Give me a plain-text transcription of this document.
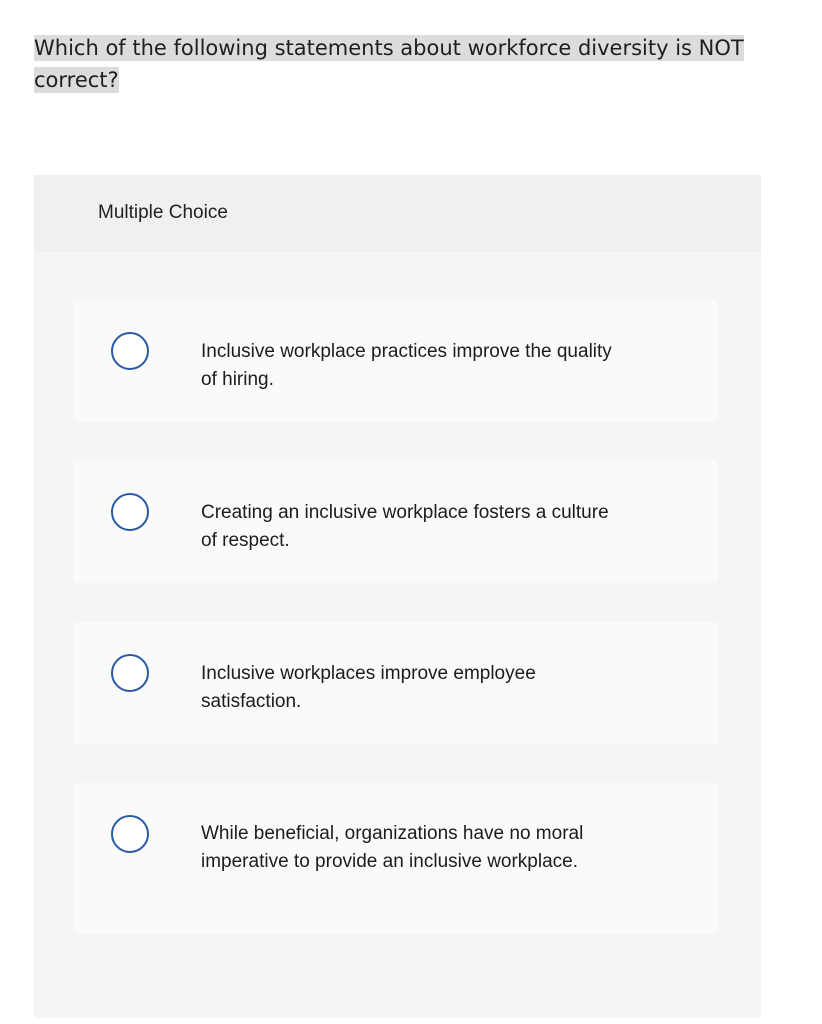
Which of the following statements about workforce diversity is NOT correct?
Multiple Choice
Inclusive workplace practices improve the quality of hiring.
Creating an inclusive workplace fosters a culture of respect.
Inclusive workplaces improve employee satisfaction.
While beneficial, organizations have no moral imperative to provide an inclusive workplace.
